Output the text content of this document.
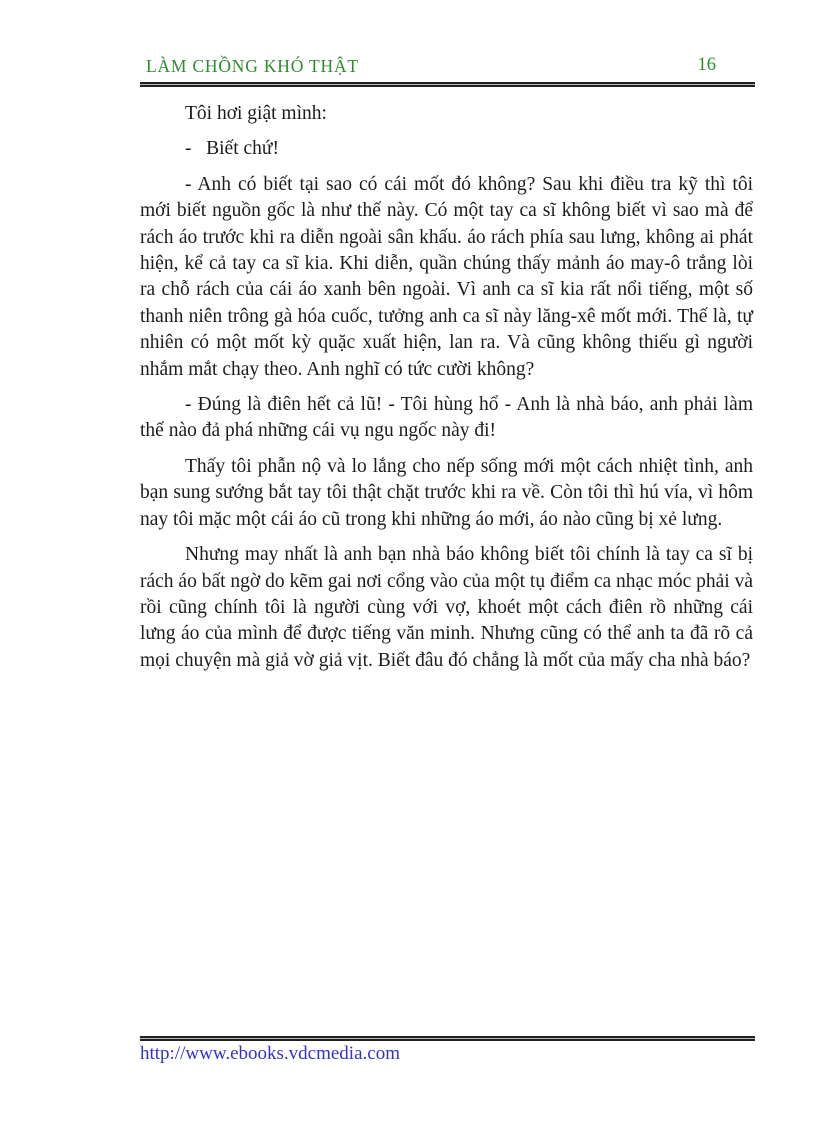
LÀM CHỒNG KHÓ THẬT	16

Tôi hơi giật mình:

-   Biết chứ!

- Anh có biết tại sao có cái mốt đó không? Sau khi điều tra kỹ thì tôi mới biết nguồn gốc là như thế này. Có một tay ca sĩ không biết vì sao mà để rách áo trước khi ra diễn ngoài sân khấu. áo rách phía sau lưng, không ai phát hiện, kể cả tay ca sĩ kia. Khi diễn, quần chúng thấy mảnh áo may-ô trắng lòi ra chỗ rách của cái áo xanh bên ngoài. Vì anh ca sĩ kia rất nổi tiếng, một số thanh niên trông gà hóa cuốc, tưởng anh ca sĩ này lăng-xê mốt mới. Thế là, tự nhiên có một mốt kỳ quặc xuất hiện, lan ra. Và cũng không thiếu gì người nhắm mắt chạy theo. Anh nghĩ có tức cười không?

- Đúng là điên hết cả lũ! - Tôi hùng hổ - Anh là nhà báo, anh phải làm thế nào đả phá những cái vụ ngu ngốc này đi!

Thấy tôi phẫn nộ và lo lắng cho nếp sống mới một cách nhiệt tình, anh bạn sung sướng bắt tay tôi thật chặt trước khi ra về. Còn tôi thì hú vía, vì hôm nay tôi mặc một cái áo cũ trong khi những áo mới, áo nào cũng bị xẻ lưng.

Nhưng may nhất là anh bạn nhà báo không biết tôi chính là tay ca sĩ bị rách áo bất ngờ do kẽm gai nơi cổng vào của một tụ điểm ca nhạc móc phải và rồi cũng chính tôi là người cùng với vợ, khoét một cách điên rồ những cái lưng áo của mình để được tiếng văn minh. Nhưng cũng có thể anh ta đã rõ cả mọi chuyện mà giả vờ giả vịt. Biết đâu đó chẳng là mốt của mấy cha nhà báo?

http://www.ebooks.vdcmedia.com
